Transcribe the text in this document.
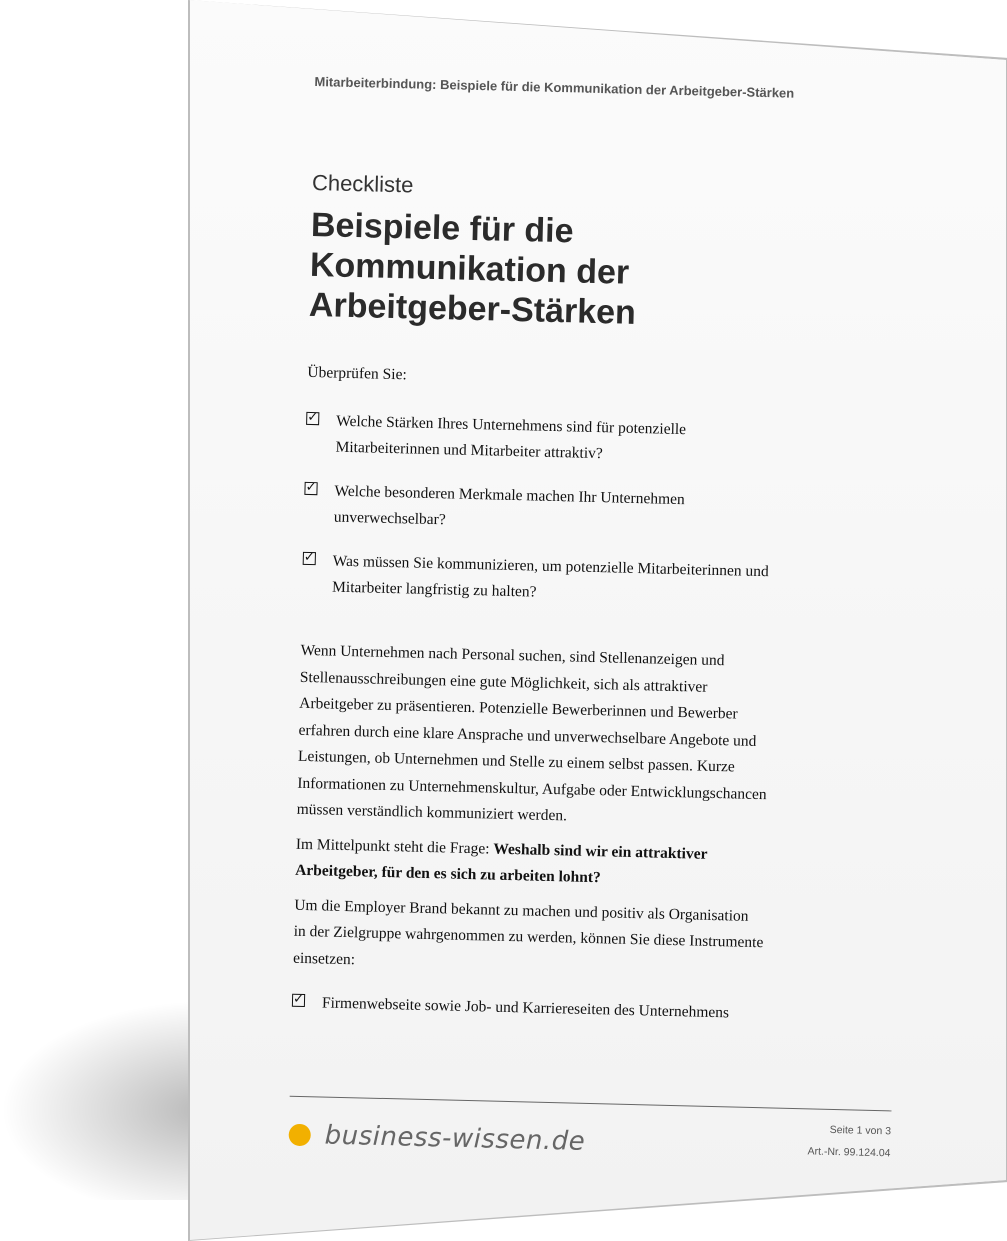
Mitarbeiterbindung: Beispiele für die Kommunikation der Arbeitgeber-Stärken
Checkliste
Beispiele für die Kommunikation der Arbeitgeber-Stärken
Überprüfen Sie:
✓ Welche Stärken Ihres Unternehmens sind für potenzielle Mitarbeiterinnen und Mitarbeiter attraktiv?
✓ Welche besonderen Merkmale machen Ihr Unternehmen unverwechselbar?
✓ Was müssen Sie kommunizieren, um potenzielle Mitarbeiterinnen und Mitarbeiter langfristig zu halten?

Wenn Unternehmen nach Personal suchen, sind Stellenanzeigen und Stellenausschreibungen eine gute Möglichkeit, sich als attraktiver Arbeitgeber zu präsentieren. Potenzielle Bewerberinnen und Bewerber erfahren durch eine klare Ansprache und unverwechselbare Angebote und Leistungen, ob Unternehmen und Stelle zu einem selbst passen. Kurze Informationen zu Unternehmenskultur, Aufgabe oder Entwicklungschancen müssen verständlich kommuniziert werden.

Im Mittelpunkt steht die Frage: Weshalb sind wir ein attraktiver Arbeitgeber, für den es sich zu arbeiten lohnt?

Um die Employer Brand bekannt zu machen und positiv als Organisation in der Zielgruppe wahrgenommen zu werden, können Sie diese Instrumente einsetzen:

✓ Firmenwebseite sowie Job- und Karriereseiten des Unternehmens
business-wissen.de	Seite 1 von 3
Art.-Nr. 99.124.04
